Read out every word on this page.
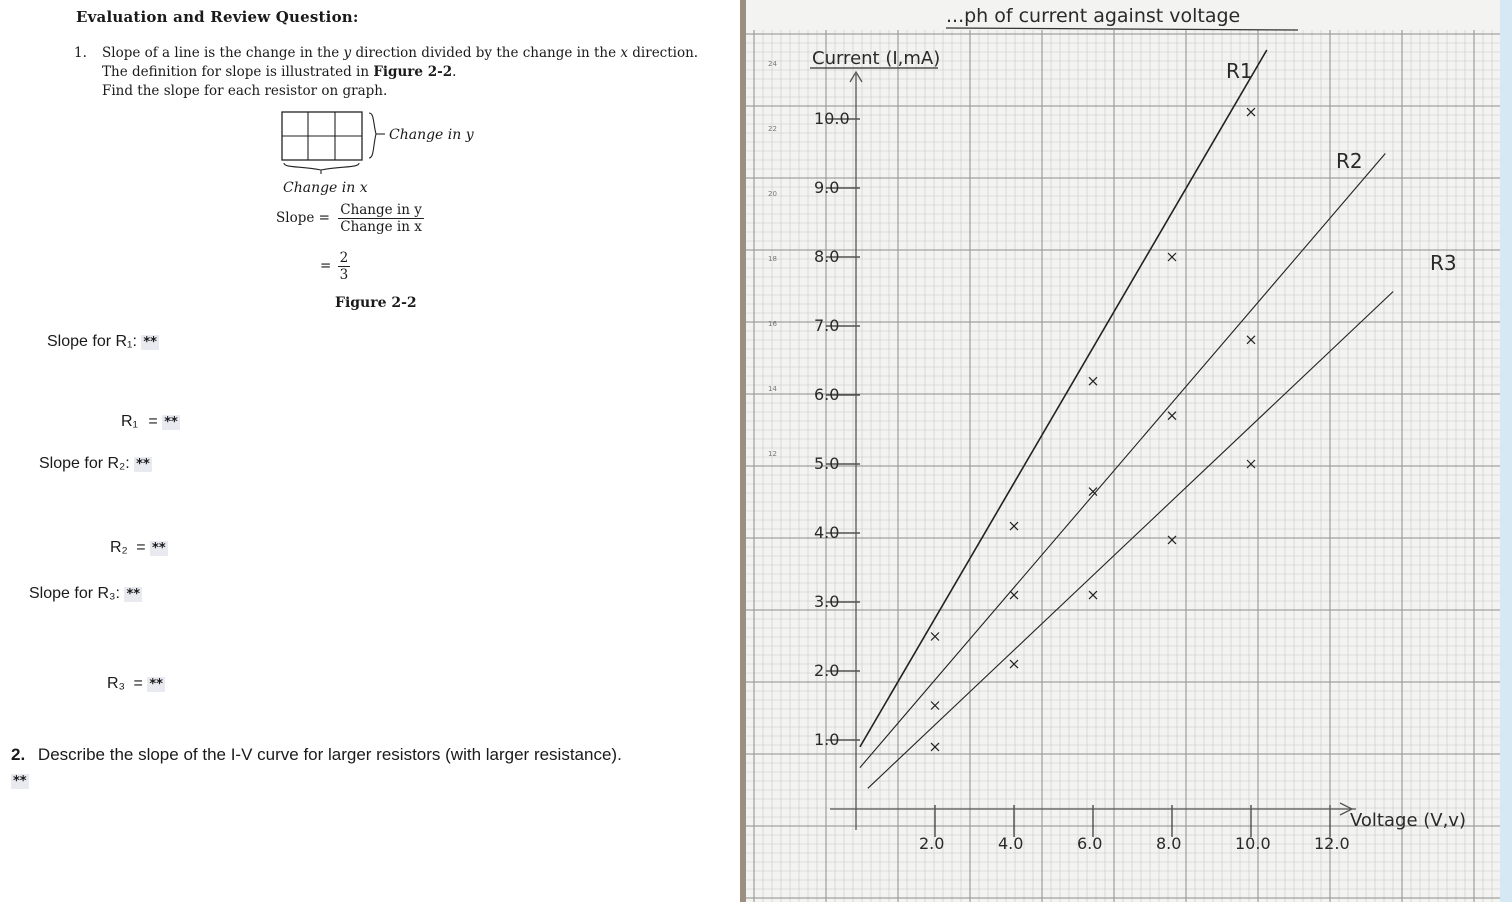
Evaluation and Review Question:
1. Slope of a line is the change in the y direction divided by the change in the x direction.
The definition for slope is illustrated in Figure 2-2.
Find the slope for each resistor on graph.
Change in y
Change in x
Slope = $\frac{\text{Change in y}}{\text{Change in x}}$
= $\frac{2}{3}$
Figure 2-2
Slope for R₁: **
R₁ = **
Slope for R₂: **
R₂ = **
Slope for R₃: **
R₃ = **
2. Describe the slope of the I-V curve for larger resistors (with larger resistance).
**
...ph of current against voltage
Current (I,mA)
Voltage (V,v)
10.0
9.0
8.0
7.0
6.0
5.0
4.0
3.0
2.0
1.0
2.0	4.0	6.0	8.0	10.0	12.0
24
22
20
18
16
14
12
R1
R2
R3
